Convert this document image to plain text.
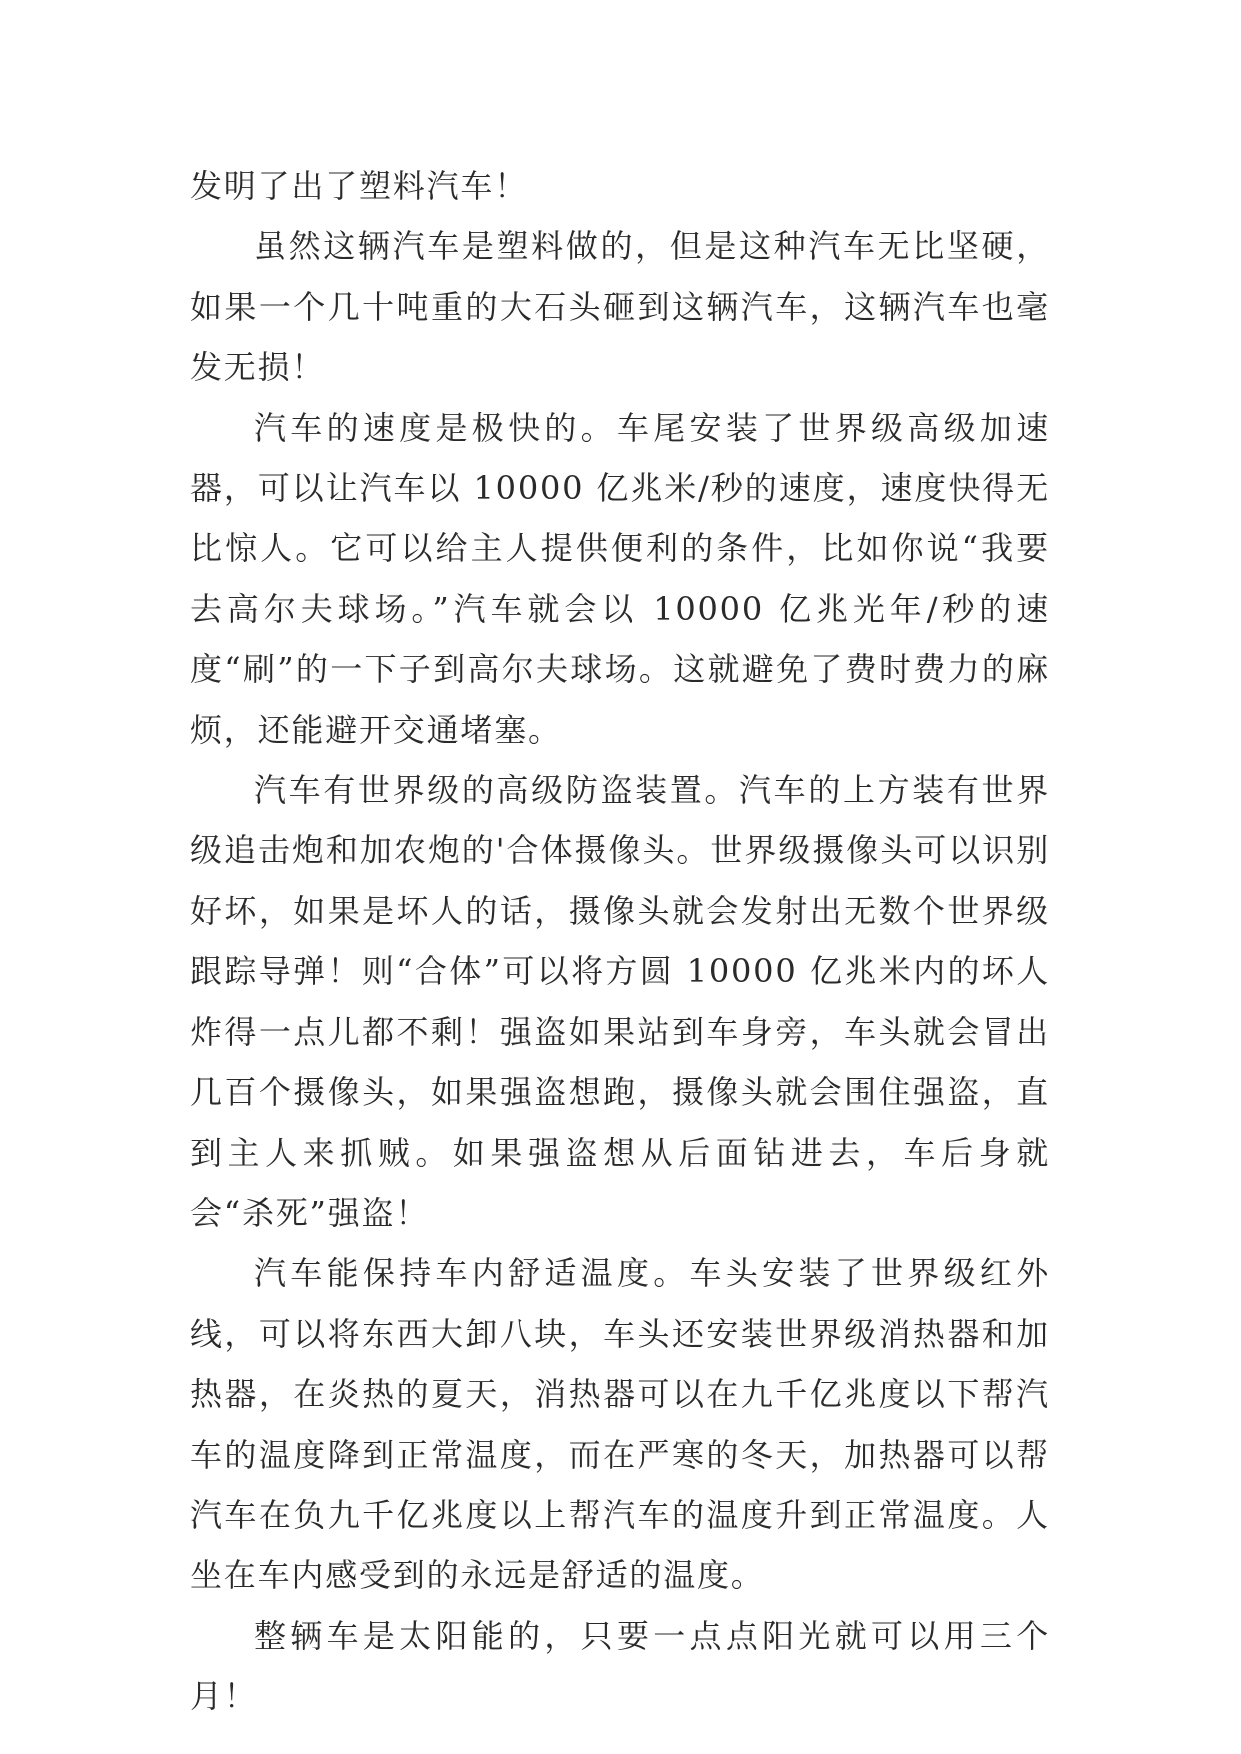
发明了出了塑料汽车！

虽然这辆汽车是塑料做的，但是这种汽车无比坚硬，如果一个几十吨重的大石头砸到这辆汽车，这辆汽车也毫发无损！

汽车的速度是极快的。车尾安装了世界级高级加速器，可以让汽车以 10000 亿兆米/秒的速度，速度快得无比惊人。它可以给主人提供便利的条件，比如你说“我要去高尔夫球场。”汽车就会以 10000 亿兆光年/秒的速度“刷”的一下子到高尔夫球场。这就避免了费时费力的麻烦，还能避开交通堵塞。

汽车有世界级的高级防盗装置。汽车的上方装有世界级追击炮和加农炮的'合体摄像头。世界级摄像头可以识别好坏，如果是坏人的话，摄像头就会发射出无数个世界级跟踪导弹！则“合体”可以将方圆 10000 亿兆米内的坏人炸得一点儿都不剩！强盗如果站到车身旁，车头就会冒出几百个摄像头，如果强盗想跑，摄像头就会围住强盗，直到主人来抓贼。如果强盗想从后面钻进去，车后身就会“杀死”强盗！

汽车能保持车内舒适温度。车头安装了世界级红外线，可以将东西大卸八块，车头还安装世界级消热器和加热器，在炎热的夏天，消热器可以在九千亿兆度以下帮汽车的温度降到正常温度，而在严寒的冬天，加热器可以帮汽车在负九千亿兆度以上帮汽车的温度升到正常温度。人坐在车内感受到的永远是舒适的温度。

整辆车是太阳能的，只要一点点阳光就可以用三个月！
